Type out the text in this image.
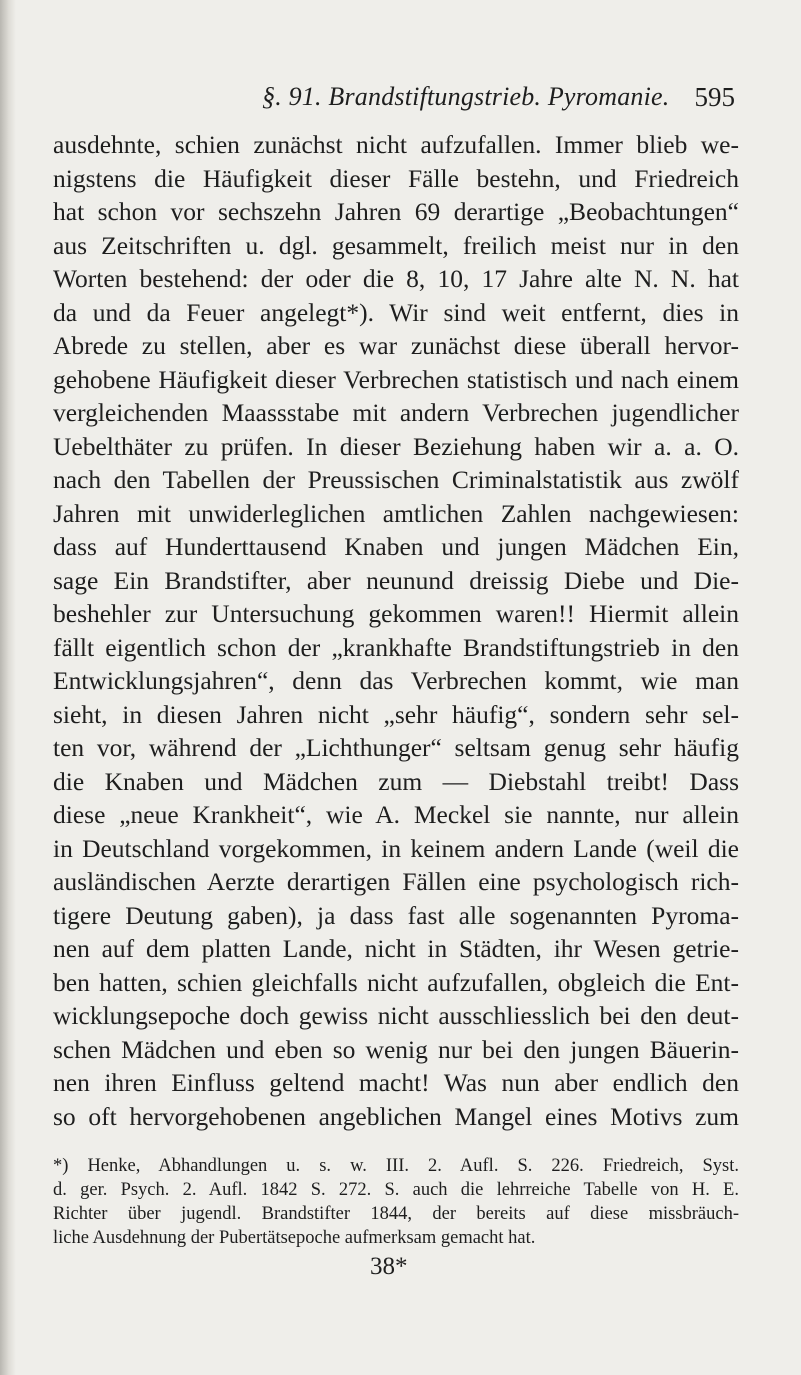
§. 91. Brandstiftungstrieb. Pyromanie. 595
ausdehnte, schien zunächst nicht aufzufallen. Immer blieb we-
nigstens die Häufigkeit dieser Fälle bestehn, und Friedreich
hat schon vor sechszehn Jahren 69 derartige „Beobachtungen“
aus Zeitschriften u. dgl. gesammelt, freilich meist nur in den
Worten bestehend: der oder die 8, 10, 17 Jahre alte N. N. hat
da und da Feuer angelegt*). Wir sind weit entfernt, dies in
Abrede zu stellen, aber es war zunächst diese überall hervor-
gehobene Häufigkeit dieser Verbrechen statistisch und nach einem
vergleichenden Maassstabe mit andern Verbrechen jugendlicher
Uebelthäter zu prüfen. In dieser Beziehung haben wir a. a. O.
nach den Tabellen der Preussischen Criminalstatistik aus zwölf
Jahren mit unwiderleglichen amtlichen Zahlen nachgewiesen:
dass auf Hunderttausend Knaben und jungen Mädchen Ein,
sage Ein Brandstifter, aber neunund dreissig Diebe und Die-
beshehler zur Untersuchung gekommen waren!! Hiermit allein
fällt eigentlich schon der „krankhafte Brandstiftungstrieb in den
Entwicklungsjahren“, denn das Verbrechen kommt, wie man
sieht, in diesen Jahren nicht „sehr häufig“, sondern sehr sel-
ten vor, während der „Lichthunger“ seltsam genug sehr häufig
die Knaben und Mädchen zum — Diebstahl treibt! Dass
diese „neue Krankheit“, wie A. Meckel sie nannte, nur allein
in Deutschland vorgekommen, in keinem andern Lande (weil die
ausländischen Aerzte derartigen Fällen eine psychologisch rich-
tigere Deutung gaben), ja dass fast alle sogenannten Pyroma-
nen auf dem platten Lande, nicht in Städten, ihr Wesen getrie-
ben hatten, schien gleichfalls nicht aufzufallen, obgleich die Ent-
wicklungsepoche doch gewiss nicht ausschliesslich bei den deut-
schen Mädchen und eben so wenig nur bei den jungen Bäuerin-
nen ihren Einfluss geltend macht! Was nun aber endlich den
so oft hervorgehobenen angeblichen Mangel eines Motivs zum
*) Henke, Abhandlungen u. s. w. III. 2. Aufl. S. 226. Friedreich, Syst.
d. ger. Psych. 2. Aufl. 1842 S. 272. S. auch die lehrreiche Tabelle von H. E.
Richter über jugendl. Brandstifter 1844, der bereits auf diese missbräuch-
liche Ausdehnung der Pubertätsepoche aufmerksam gemacht hat.
38*
